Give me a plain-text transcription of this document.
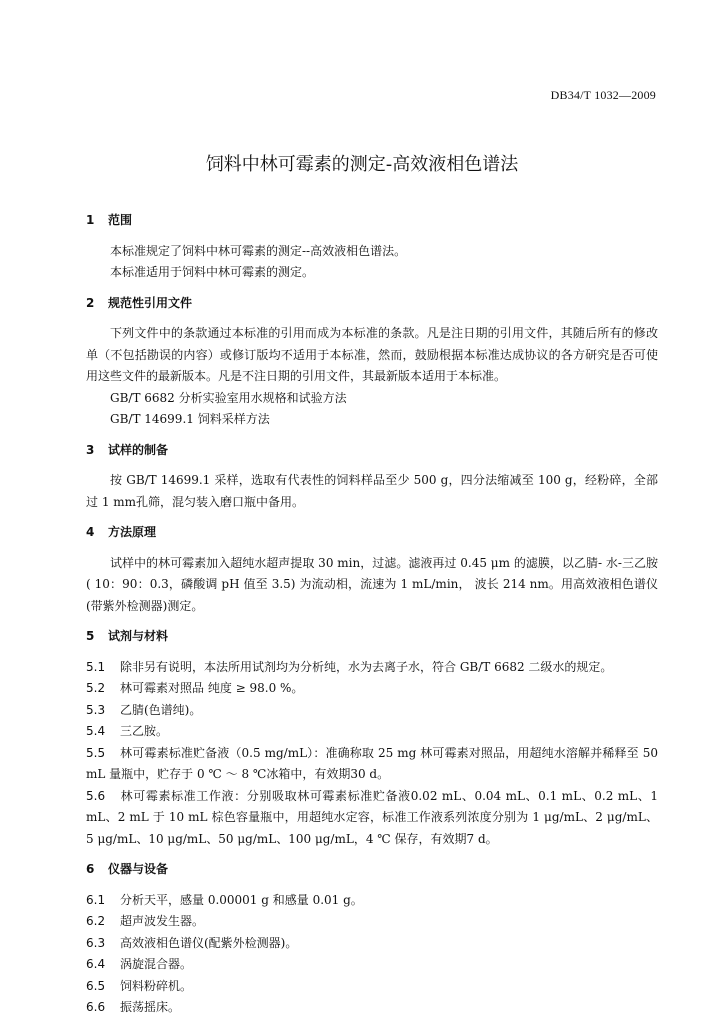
DB34/T 1032—2009
饲料中林可霉素的测定-高效液相色谱法
1 范围
本标准规定了饲料中林可霉素的测定--高效液相色谱法。
本标准适用于饲料中林可霉素的测定。
2 规范性引用文件
下列文件中的条款通过本标准的引用而成为本标准的条款。凡是注日期的引用文件，其随后所有的修改单（不包括勘误的内容）或修订版均不适用于本标准，然而，鼓励根据本标准达成协议的各方研究是否可使用这些文件的最新版本。凡是不注日期的引用文件，其最新版本适用于本标准。
GB/T 6682 分析实验室用水规格和试验方法
GB/T 14699.1 饲料采样方法
3 试样的制备
按 GB/T 14699.1 采样，选取有代表性的饲料样品至少 500 g，四分法缩减至 100 g，经粉碎，全部过 1 mm孔筛，混匀装入磨口瓶中备用。
4 方法原理
试样中的林可霉素加入超纯水超声提取 30 min，过滤。滤液再过 0.45 μm 的滤膜，以乙腈- 水-三乙胺( 10：90：0.3，磷酸调 pH 值至 3.5) 为流动相，流速为 1 mL/min， 波长 214 nm。用高效液相色谱仪(带紫外检测器)测定。
5 试剂与材料
5.1 除非另有说明，本法所用试剂均为分析纯，水为去离子水，符合 GB/T 6682 二级水的规定。
5.2 林可霉素对照品 纯度 ≥ 98.0 %。
5.3 乙腈(色谱纯)。
5.4 三乙胺。
5.5 林可霉素标准贮备液（0.5 mg/mL）：准确称取 25 mg 林可霉素对照品，用超纯水溶解并稀释至 50 mL 量瓶中，贮存于 0 ℃ ～ 8 ℃冰箱中，有效期30 d。
5.6 林可霉素标准工作液：分别吸取林可霉素标准贮备液0.02 mL、0.04 mL、0.1 mL、0.2 mL、1 mL、2 mL 于 10 mL 棕色容量瓶中，用超纯水定容，标准工作液系列浓度分别为 1 μg/mL、2 μg/mL、5 μg/mL、10 μg/mL、50 μg/mL、100 μg/mL，4 ℃ 保存，有效期7 d。
6 仪器与设备
6.1 分析天平，感量 0.00001 g 和感量 0.01 g。
6.2 超声波发生器。
6.3 高效液相色谱仪(配紫外检测器)。
6.4 涡旋混合器。
6.5 饲料粉碎机。
6.6 振荡摇床。
